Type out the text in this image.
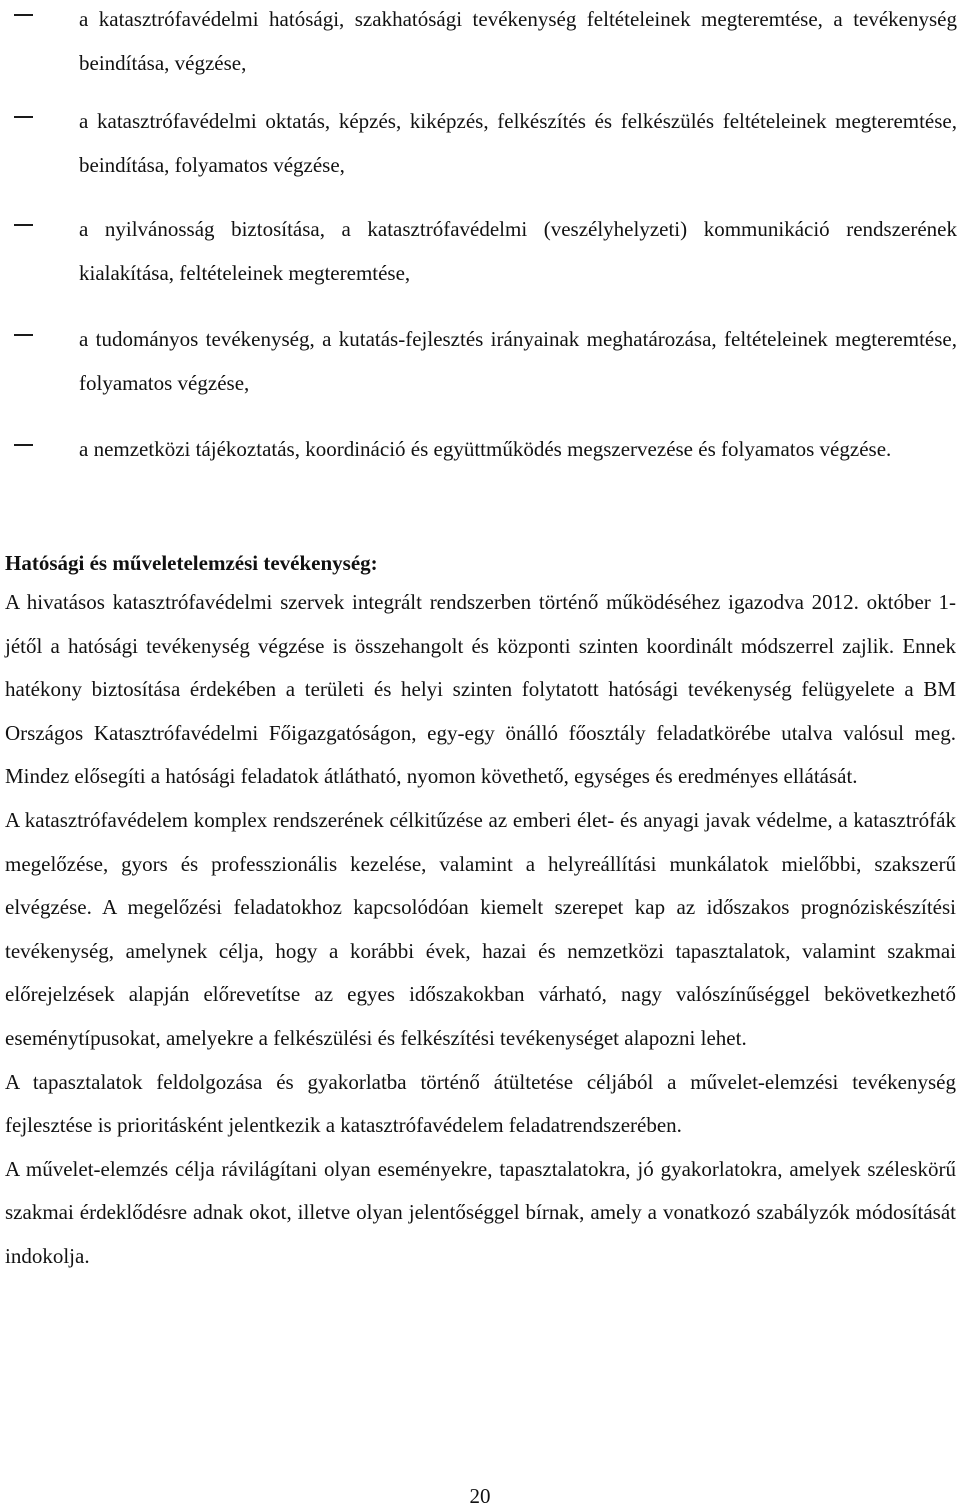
a katasztrófavédelmi hatósági, szakhatósági tevékenység feltételeinek megteremtése, a tevékenység beindítása, végzése,

a katasztrófavédelmi oktatás, képzés, kiképzés, felkészítés és felkészülés feltételeinek megteremtése, beindítása, folyamatos végzése,

a nyilvánosság biztosítása, a katasztrófavédelmi (veszélyhelyzeti) kommunikáció rendszerének kialakítása, feltételeinek megteremtése,

a tudományos tevékenység, a kutatás-fejlesztés irányainak meghatározása, feltételeinek megteremtése, folyamatos végzése,

a nemzetközi tájékoztatás, koordináció és együttműködés megszervezése és folyamatos végzése.

Hatósági és műveletelemzési tevékenység:

A hivatásos katasztrófavédelmi szervek integrált rendszerben történő működéséhez igazodva 2012. október 1-jétől a hatósági tevékenység végzése is összehangolt és központi szinten koordinált módszerrel zajlik. Ennek hatékony biztosítása érdekében a területi és helyi szinten folytatott hatósági tevékenység felügyelete a BM Országos Katasztrófavédelmi Főigazgatóságon, egy-egy önálló főosztály feladatkörébe utalva valósul meg. Mindez elősegíti a hatósági feladatok átlátható, nyomon követhető, egységes és eredményes ellátását.

A katasztrófavédelem komplex rendszerének célkitűzése az emberi élet- és anyagi javak védelme, a katasztrófák megelőzése, gyors és professzionális kezelése, valamint a helyreállítási munkálatok mielőbbi, szakszerű elvégzése. A megelőzési feladatokhoz kapcsolódóan kiemelt szerepet kap az időszakos prognóziskészítési tevékenység, amelynek célja, hogy a korábbi évek, hazai és nemzetközi tapasztalatok, valamint szakmai előrejelzések alapján előrevetítse az egyes időszakokban várható, nagy valószínűséggel bekövetkezhető eseménytípusokat, amelyekre a felkészülési és felkészítési tevékenységet alapozni lehet.

A tapasztalatok feldolgozása és gyakorlatba történő átültetése céljából a művelet-elemzési tevékenység fejlesztése is prioritásként jelentkezik a katasztrófavédelem feladatrendszerében.

A művelet-elemzés célja rávilágítani olyan eseményekre, tapasztalatokra, jó gyakorlatokra, amelyek széleskörű szakmai érdeklődésre adnak okot, illetve olyan jelentőséggel bírnak, amely a vonatkozó szabályzók módosítását indokolja.

20
